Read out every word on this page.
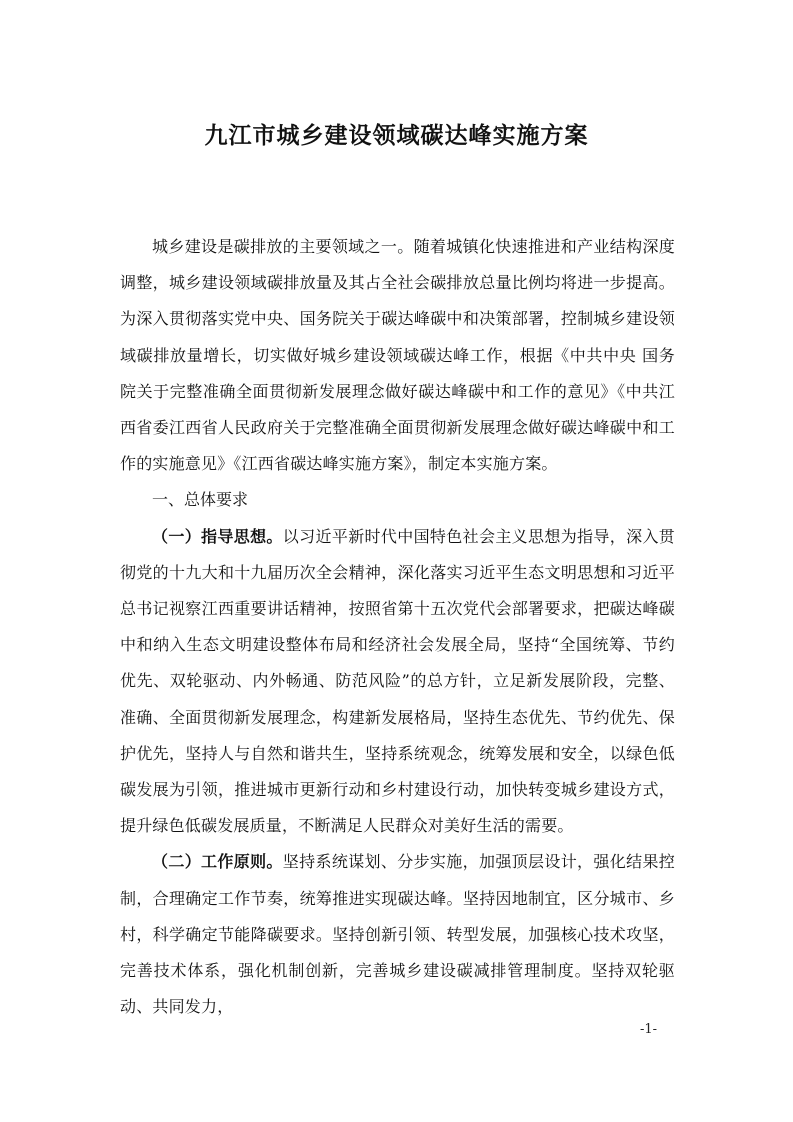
九江市城乡建设领域碳达峰实施方案

城乡建设是碳排放的主要领域之一。随着城镇化快速推进和产业结构深度调整，城乡建设领域碳排放量及其占全社会碳排放总量比例均将进一步提高。为深入贯彻落实党中央、国务院关于碳达峰碳中和决策部署，控制城乡建设领域碳排放量增长，切实做好城乡建设领域碳达峰工作，根据《中共中央 国务院关于完整准确全面贯彻新发展理念做好碳达峰碳中和工作的意见》《中共江西省委江西省人民政府关于完整准确全面贯彻新发展理念做好碳达峰碳中和工作的实施意见》《江西省碳达峰实施方案》，制定本实施方案。

一、总体要求

（一）指导思想。以习近平新时代中国特色社会主义思想为指导，深入贯彻党的十九大和十九届历次全会精神，深化落实习近平生态文明思想和习近平总书记视察江西重要讲话精神，按照省第十五次党代会部署要求，把碳达峰碳中和纳入生态文明建设整体布局和经济社会发展全局，坚持“全国统筹、节约优先、双轮驱动、内外畅通、防范风险”的总方针，立足新发展阶段，完整、准确、全面贯彻新发展理念，构建新发展格局，坚持生态优先、节约优先、保护优先，坚持人与自然和谐共生，坚持系统观念，统筹发展和安全，以绿色低碳发展为引领，推进城市更新行动和乡村建设行动，加快转变城乡建设方式，提升绿色低碳发展质量，不断满足人民群众对美好生活的需要。

（二）工作原则。坚持系统谋划、分步实施，加强顶层设计，强化结果控制，合理确定工作节奏，统筹推进实现碳达峰。坚持因地制宜，区分城市、乡村，科学确定节能降碳要求。坚持创新引领、转型发展，加强核心技术攻坚，完善技术体系，强化机制创新，完善城乡建设碳减排管理制度。坚持双轮驱动、共同发力，

-1-
